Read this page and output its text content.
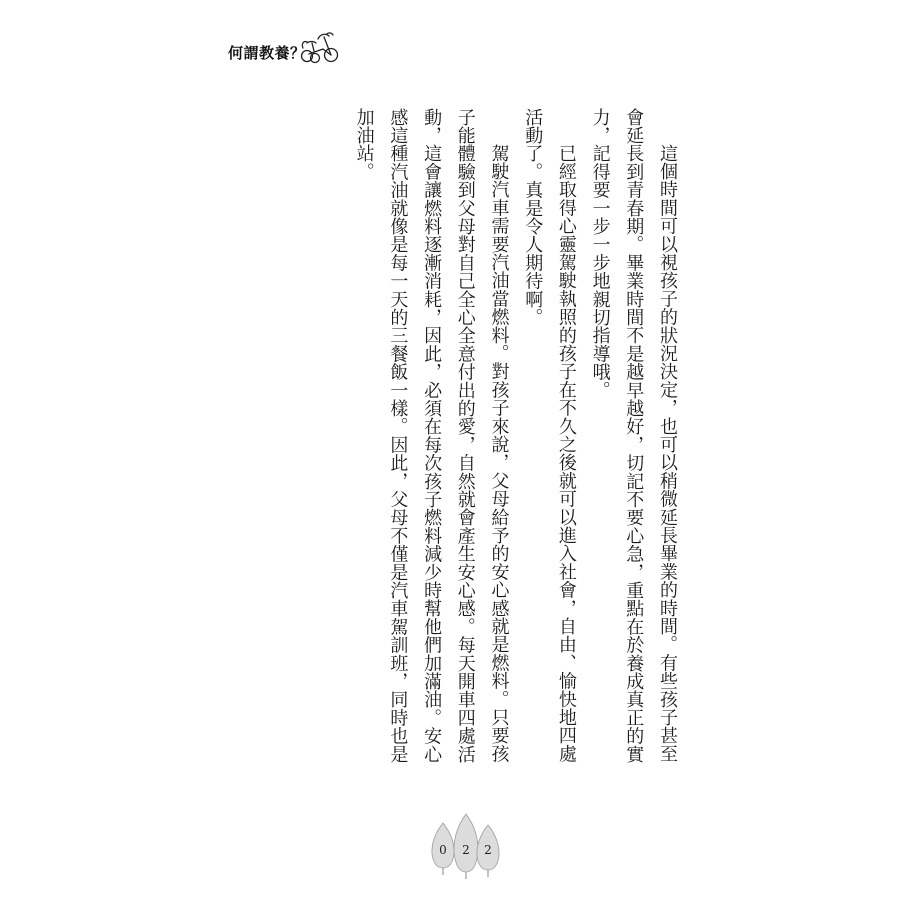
何謂教養？
這個時間可以視孩子的狀況決定，也可以稍微延長畢業的時間。有些孩子甚至
會延長到青春期。畢業時間不是越早越好，切記不要心急，重點在於養成真正的實
力，記得要一步一步地親切指導哦。
已經取得心靈駕駛執照的孩子在不久之後就可以進入社會，自由、愉快地四處
活動了。真是令人期待啊。
駕駛汽車需要汽油當燃料。對孩子來說，父母給予的安心感就是燃料。只要孩
子能體驗到父母對自己全心全意付出的愛，自然就會產生安心感。每天開車四處活
動，這會讓燃料逐漸消耗，因此，必須在每次孩子燃料減少時幫他們加滿油。安心
感這種汽油就像是每一天的三餐飯一樣。因此，父母不僅是汽車駕訓班，同時也是
加油站。
0 2 2
